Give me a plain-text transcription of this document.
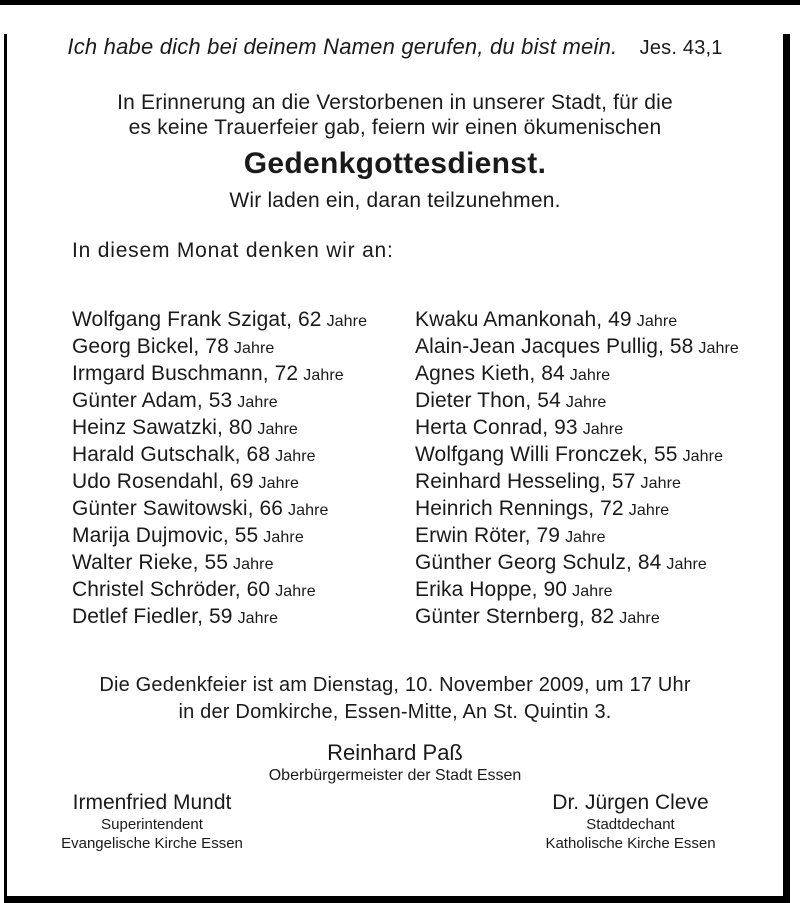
Ich habe dich bei deinem Namen gerufen, du bist mein. Jes. 43,1
In Erinnerung an die Verstorbenen in unserer Stadt, für die
es keine Trauerfeier gab, feiern wir einen ökumenischen
Gedenkgottesdienst.
Wir laden ein, daran teilzunehmen.
In diesem Monat denken wir an:
Wolfgang Frank Szigat, 62 Jahre
Georg Bickel, 78 Jahre
Irmgard Buschmann, 72 Jahre
Günter Adam, 53 Jahre
Heinz Sawatzki, 80 Jahre
Harald Gutschalk, 68 Jahre
Udo Rosendahl, 69 Jahre
Günter Sawitowski, 66 Jahre
Marija Dujmovic, 55 Jahre
Walter Rieke, 55 Jahre
Christel Schröder, 60 Jahre
Detlef Fiedler, 59 Jahre
Kwaku Amankonah, 49 Jahre
Alain-Jean Jacques Pullig, 58 Jahre
Agnes Kieth, 84 Jahre
Dieter Thon, 54 Jahre
Herta Conrad, 93 Jahre
Wolfgang Willi Fronczek, 55 Jahre
Reinhard Hesseling, 57 Jahre
Heinrich Rennings, 72 Jahre
Erwin Röter, 79 Jahre
Günther Georg Schulz, 84 Jahre
Erika Hoppe, 90 Jahre
Günter Sternberg, 82 Jahre
Die Gedenkfeier ist am Dienstag, 10. November 2009, um 17 Uhr
in der Domkirche, Essen-Mitte, An St. Quintin 3.
Reinhard Paß
Oberbürgermeister der Stadt Essen
Irmenfried Mundt
Superintendent
Evangelische Kirche Essen
Dr. Jürgen Cleve
Stadtdechant
Katholische Kirche Essen
